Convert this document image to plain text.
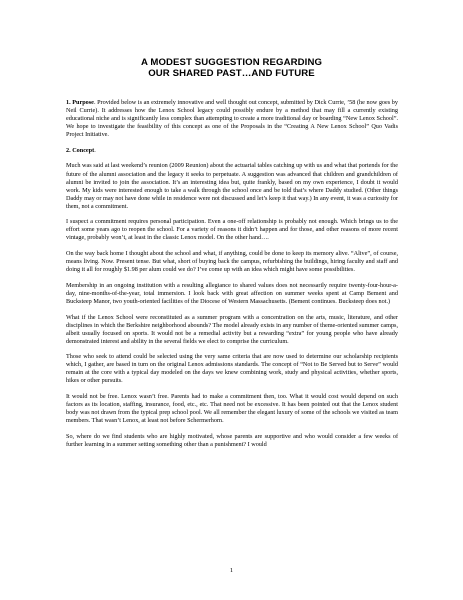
A MODEST SUGGESTION REGARDING
OUR SHARED PAST…AND FUTURE

1. Purpose. Provided below is an extremely innovative and well thought out concept, submitted by Dick Currie, ’58 (he now goes by Neil Currie). It addresses how the Lenox School legacy could possibly endure by a method that may fill a currently existing educational niche and is significantly less complex than attempting to create a more traditional day or boarding “New Lenox School”. We hope to investigate the feasibility of this concept as one of the Proposals in the “Creating A New Lenox School” Quo Vadis Project Initiative.

2. Concept.

Much was said at last weekend’s reunion (2009 Reunion) about the actuarial tables catching up with us and what that portends for the future of the alumni association and the legacy it seeks to perpetuate. A suggestion was advanced that children and grandchildren of alumni be invited to join the association. It’s an interesting idea but, quite frankly, based on my own experience, I doubt it would work. My kids were interested enough to take a walk through the school once and be told that’s where Daddy studied. (Other things Daddy may or may not have done while in residence were not discussed and let’s keep it that way.) In any event, it was a curiosity for them, not a commitment.

I suspect a commitment requires personal participation. Even a one-off relationship is probably not enough. Which brings us to the effort some years ago to reopen the school. For a variety of reasons it didn’t happen and for those, and other reasons of more recent vintage, probably won’t, at least in the classic Lenox model. On the other hand….

On the way back home I thought about the school and what, if anything, could be done to keep its memory alive. “Alive”, of course, means living. Now. Present tense. But what, short of buying back the campus, refurbishing the buildings, hiring faculty and staff and doing it all for roughly $1.98 per alum could we do? I’ve come up with an idea which might have some possibilities.

Membership in an ongoing institution with a resulting allegiance to shared values does not necessarily require twenty-four-hour-a-day, nine-months-of-the-year, total immersion. I look back with great affection on summer weeks spent at Camp Bement and Bucksteep Manor, two youth-oriented facilities of the Diocese of Western Massachusetts. (Bement continues. Bucksteep does not.)

What if the Lenox School were reconstituted as a summer program with a concentration on the arts, music, literature, and other disciplines in which the Berkshire neighborhood abounds? The model already exists in any number of theme-oriented summer camps, albeit usually focused on sports. It would not be a remedial activity but a rewarding “extra” for young people who have already demonstrated interest and ability in the several fields we elect to comprise the curriculum.

Those who seek to attend could be selected using the very same criteria that are now used to determine our scholarship recipients which, I gather, are based in turn on the original Lenox admissions standards. The concept of “Not to Be Served but to Serve” would remain at the core with a typical day modeled on the days we knew combining work, study and physical activities, whether sports, hikes or other pursuits.

It would not be free. Lenox wasn’t free. Parents had to make a commitment then, too. What it would cost would depend on such factors as its location, staffing, insurance, food, etc., etc. That need not be excessive. It has been pointed out that the Lenox student body was not drawn from the typical prep school pool. We all remember the elegant luxury of some of the schools we visited as team members. That wasn’t Lenox, at least not before Schermerhorn.

So, where do we find students who are highly motivated, whose parents are supportive and who would consider a few weeks of further learning in a summer setting something other than a punishment? I would

1
